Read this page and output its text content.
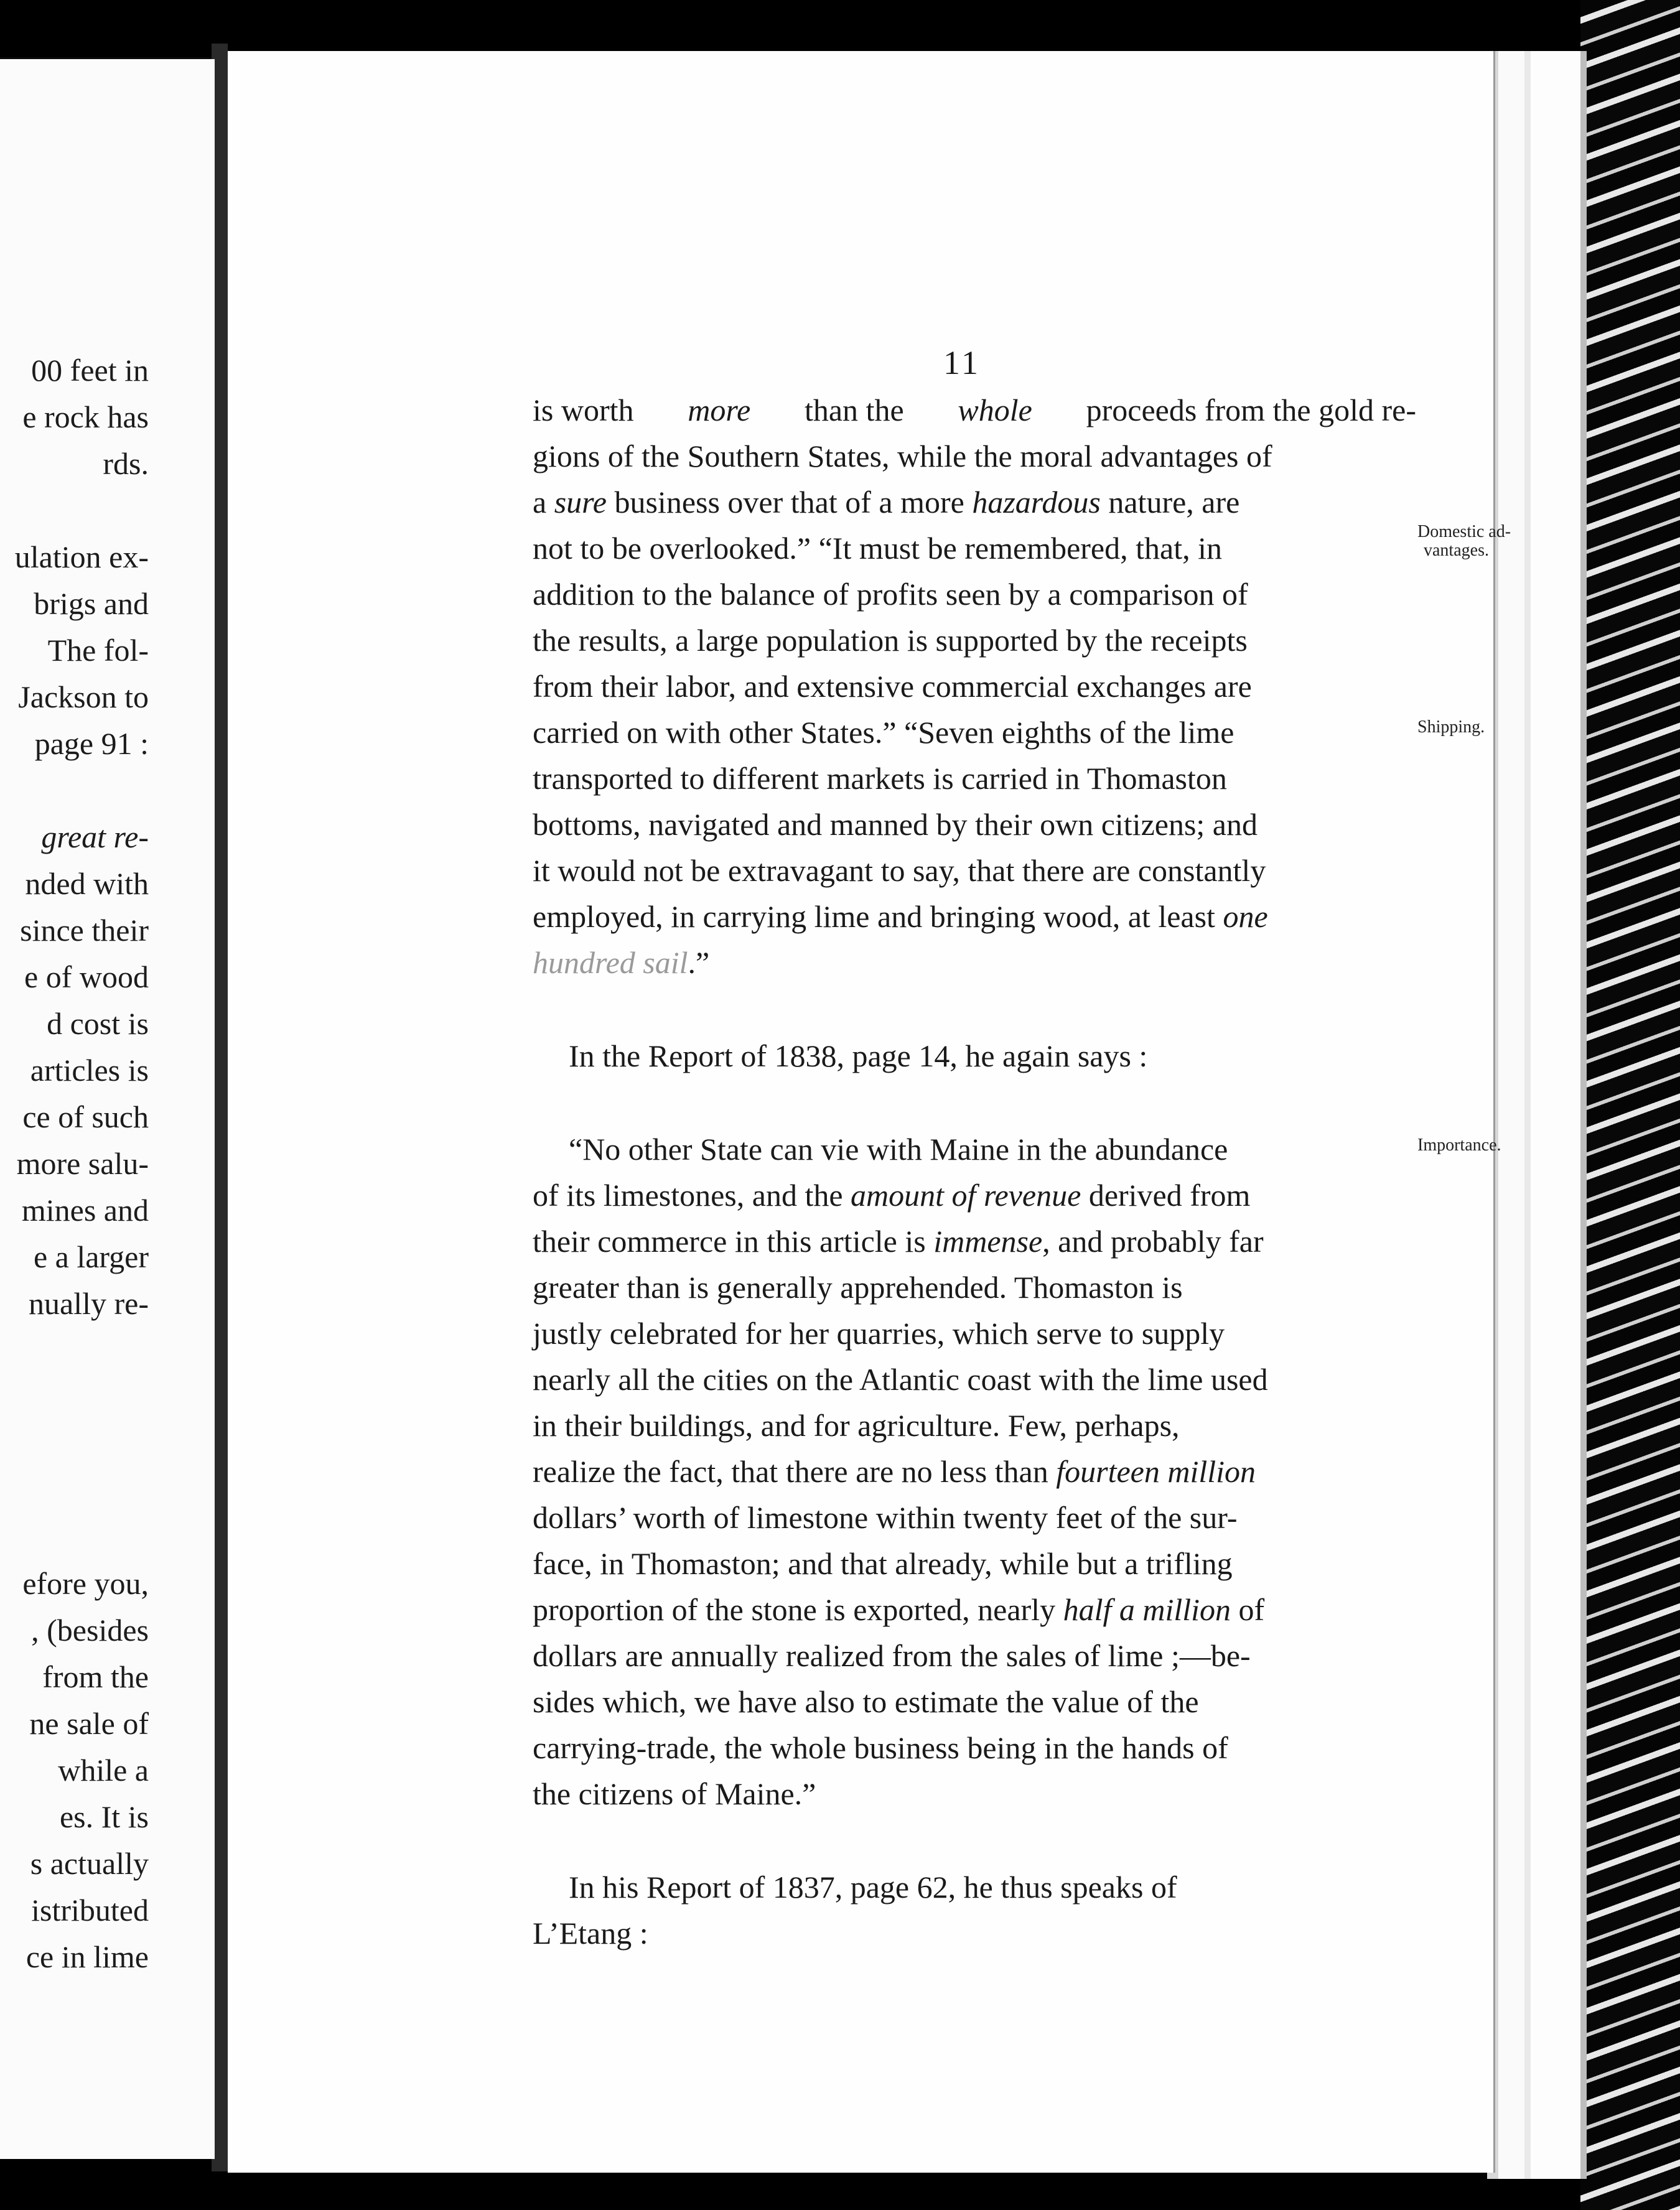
00 feet in
e rock has
rds.
ulation ex-
brigs and
The fol-
Jackson to
page 91 :
great re-
nded with
since their
e of wood
d cost is
articles is
ce of such
more salu-
mines and
e a larger
nually re-
efore you,
, (besides
from the
ne sale of
while a
es. It is
s actually
istributed
ce in lime
11
is worth more than the whole proceeds from the gold re-
gions of the Southern States, while the moral advantages of
a sure business over that of a more hazardous nature, are
not to be overlooked.” “It must be remembered, that, in
addition to the balance of profits seen by a comparison of
the results, a large population is supported by the receipts
from their labor, and extensive commercial exchanges are
carried on with other States.” “Seven eighths of the lime
transported to different markets is carried in Thomaston
bottoms, navigated and manned by their own citizens; and
it would not be extravagant to say, that there are constantly
employed, in carrying lime and bringing wood, at least one
hundred sail.”
In the Report of 1838, page 14, he again says :
“No other State can vie with Maine in the abundance
of its limestones, and the amount of revenue derived from
their commerce in this article is immense, and probably far
greater than is generally apprehended. Thomaston is
justly celebrated for her quarries, which serve to supply
nearly all the cities on the Atlantic coast with the lime used
in their buildings, and for agriculture. Few, perhaps,
realize the fact, that there are no less than fourteen million
dollars’ worth of limestone within twenty feet of the sur-
face, in Thomaston; and that already, while but a trifling
proportion of the stone is exported, nearly half a million of
dollars are annually realized from the sales of lime ;—be-
sides which, we have also to estimate the value of the
carrying-trade, the whole business being in the hands of
the citizens of Maine.”
In his Report of 1837, page 62, he thus speaks of
L’Etang :
Domestic ad-
vantages.
Shipping.
Importance.
